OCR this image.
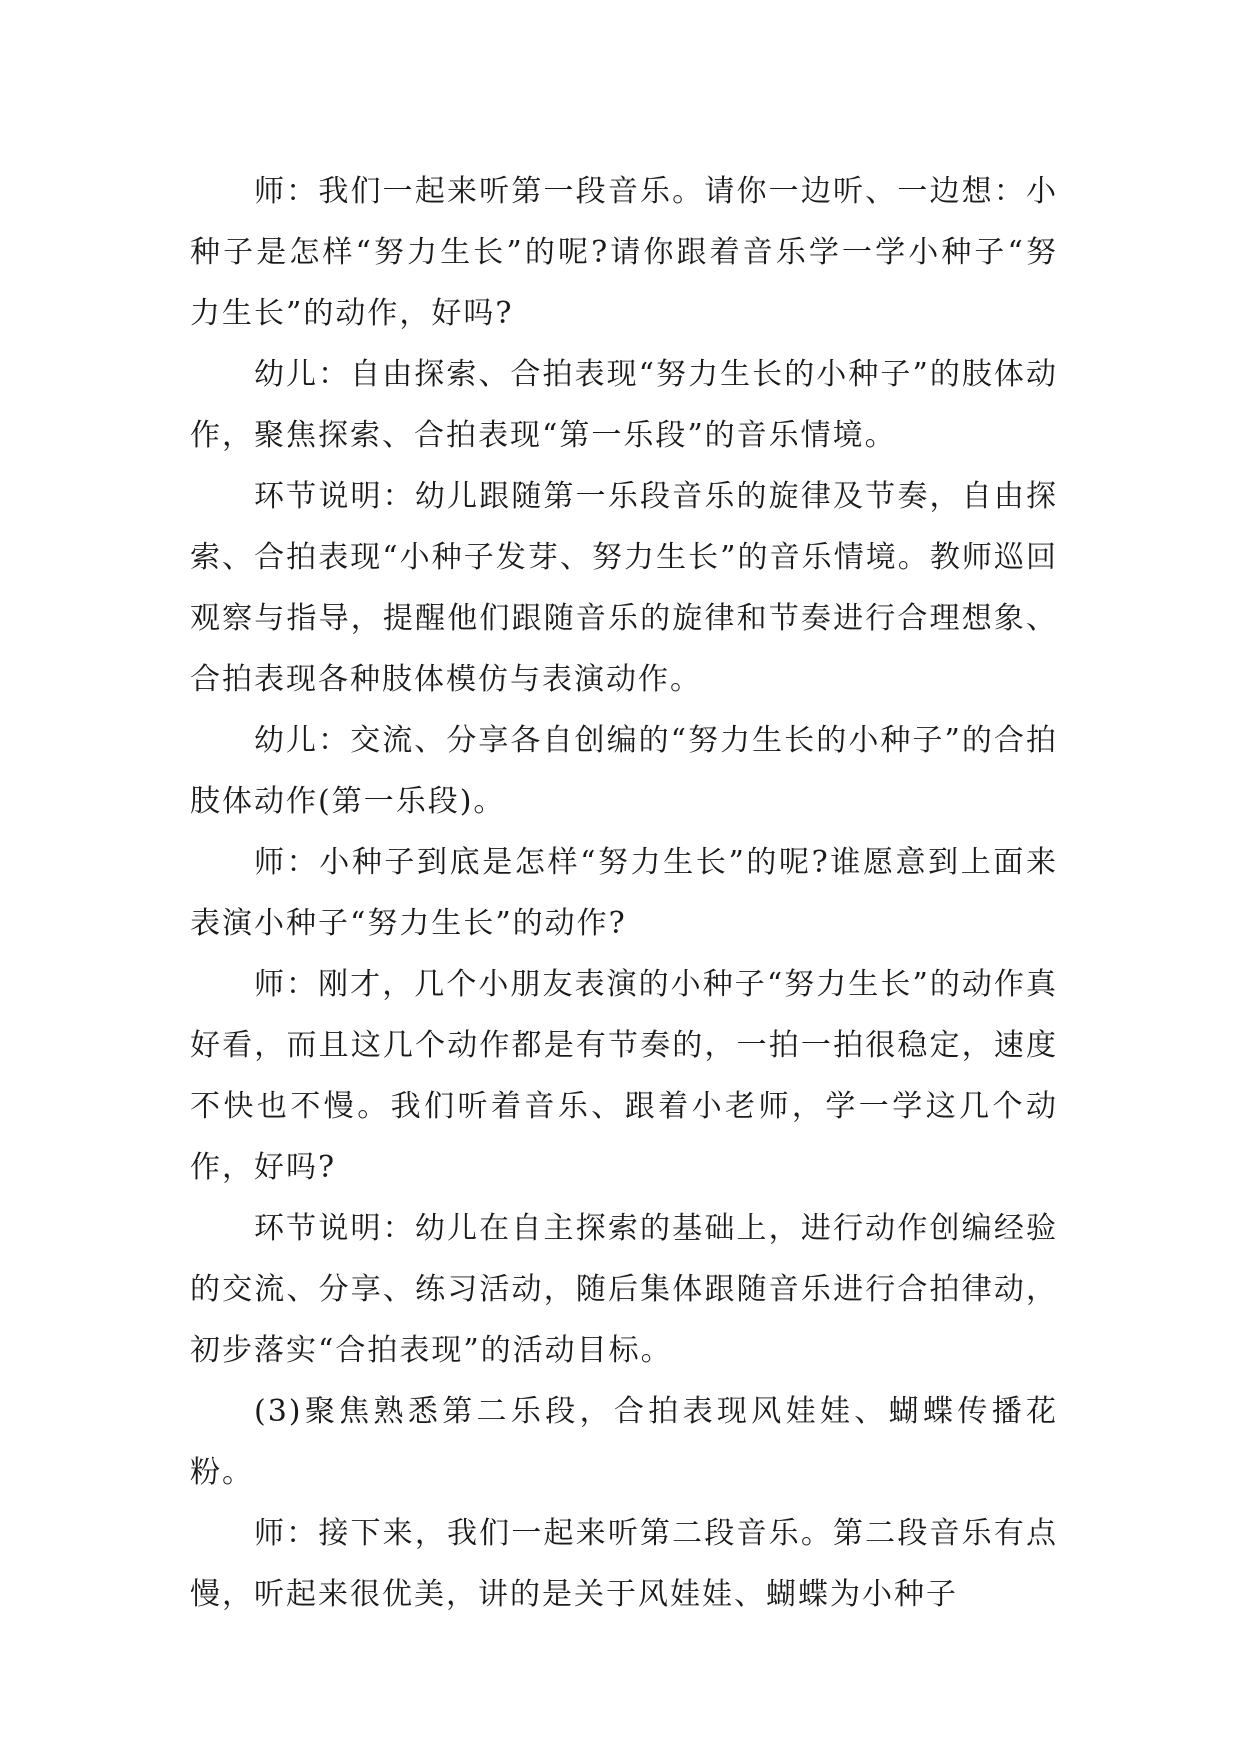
师：我们一起来听第一段音乐。请你一边听、一边想：小种子是怎样“努力生长”的呢?请你跟着音乐学一学小种子“努力生长”的动作，好吗?

幼儿：自由探索、合拍表现“努力生长的小种子”的肢体动作，聚焦探索、合拍表现“第一乐段”的音乐情境。

环节说明：幼儿跟随第一乐段音乐的旋律及节奏，自由探索、合拍表现“小种子发芽、努力生长”的音乐情境。教师巡回观察与指导，提醒他们跟随音乐的旋律和节奏进行合理想象、合拍表现各种肢体模仿与表演动作。

幼儿：交流、分享各自创编的“努力生长的小种子”的合拍肢体动作(第一乐段)。

师：小种子到底是怎样“努力生长”的呢?谁愿意到上面来表演小种子“努力生长”的动作?

师：刚才，几个小朋友表演的小种子“努力生长”的动作真好看，而且这几个动作都是有节奏的，一拍一拍很稳定，速度不快也不慢。我们听着音乐、跟着小老师，学一学这几个动作，好吗?

环节说明：幼儿在自主探索的基础上，进行动作创编经验的交流、分享、练习活动，随后集体跟随音乐进行合拍律动，初步落实“合拍表现”的活动目标。

(3)聚焦熟悉第二乐段，合拍表现风娃娃、蝴蝶传播花粉。

师：接下来，我们一起来听第二段音乐。第二段音乐有点慢，听起来很优美，讲的是关于风娃娃、蝴蝶为小种子
